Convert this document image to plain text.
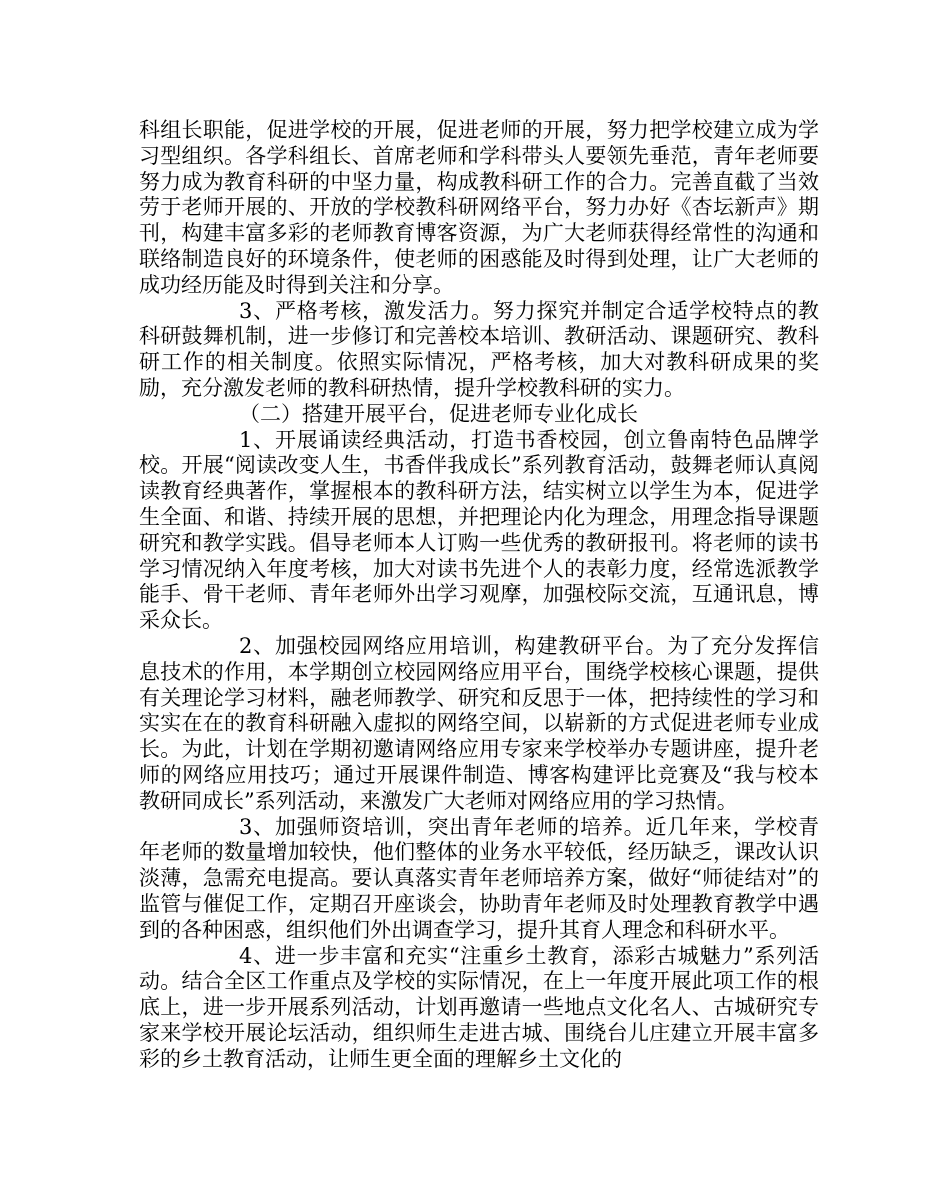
科组长职能，促进学校的开展，促进老师的开展，努力把学校建立成为学习型组织。各学科组长、首席老师和学科带头人要领先垂范，青年老师要努力成为教育科研的中坚力量，构成教科研工作的合力。完善直截了当效劳于老师开展的、开放的学校教科研网络平台，努力办好《杏坛新声》期刊，构建丰富多彩的老师教育博客资源，为广大老师获得经常性的沟通和联络制造良好的环境条件，使老师的困惑能及时得到处理，让广大老师的成功经历能及时得到关注和分享。

3、严格考核，激发活力。努力探究并制定合适学校特点的教科研鼓舞机制，进一步修订和完善校本培训、教研活动、课题研究、教科研工作的相关制度。依照实际情况，严格考核，加大对教科研成果的奖励，充分激发老师的教科研热情，提升学校教科研的实力。

（二）搭建开展平台，促进老师专业化成长

1、开展诵读经典活动，打造书香校园，创立鲁南特色品牌学校。开展“阅读改变人生，书香伴我成长”系列教育活动，鼓舞老师认真阅读教育经典著作，掌握根本的教科研方法，结实树立以学生为本，促进学生全面、和谐、持续开展的思想，并把理论内化为理念，用理念指导课题研究和教学实践。倡导老师本人订购一些优秀的教研报刊。将老师的读书学习情况纳入年度考核，加大对读书先进个人的表彰力度，经常选派教学能手、骨干老师、青年老师外出学习观摩，加强校际交流，互通讯息，博采众长。

2、加强校园网络应用培训，构建教研平台。为了充分发挥信息技术的作用，本学期创立校园网络应用平台，围绕学校核心课题，提供有关理论学习材料，融老师教学、研究和反思于一体，把持续性的学习和实实在在的教育科研融入虚拟的网络空间，以崭新的方式促进老师专业成长。为此，计划在学期初邀请网络应用专家来学校举办专题讲座，提升老师的网络应用技巧；通过开展课件制造、博客构建评比竞赛及“我与校本教研同成长”系列活动，来激发广大老师对网络应用的学习热情。

3、加强师资培训，突出青年老师的培养。近几年来，学校青年老师的数量增加较快，他们整体的业务水平较低，经历缺乏，课改认识淡薄，急需充电提高。要认真落实青年老师培养方案，做好“师徒结对”的监管与催促工作，定期召开座谈会，协助青年老师及时处理教育教学中遇到的各种困惑，组织他们外出调查学习，提升其育人理念和科研水平。

4、进一步丰富和充实“注重乡土教育，添彩古城魅力”系列活动。结合全区工作重点及学校的实际情况，在上一年度开展此项工作的根底上，进一步开展系列活动，计划再邀请一些地点文化名人、古城研究专家来学校开展论坛活动，组织师生走进古城、围绕台儿庄建立开展丰富多彩的乡土教育活动，让师生更全面的理解乡土文化的
